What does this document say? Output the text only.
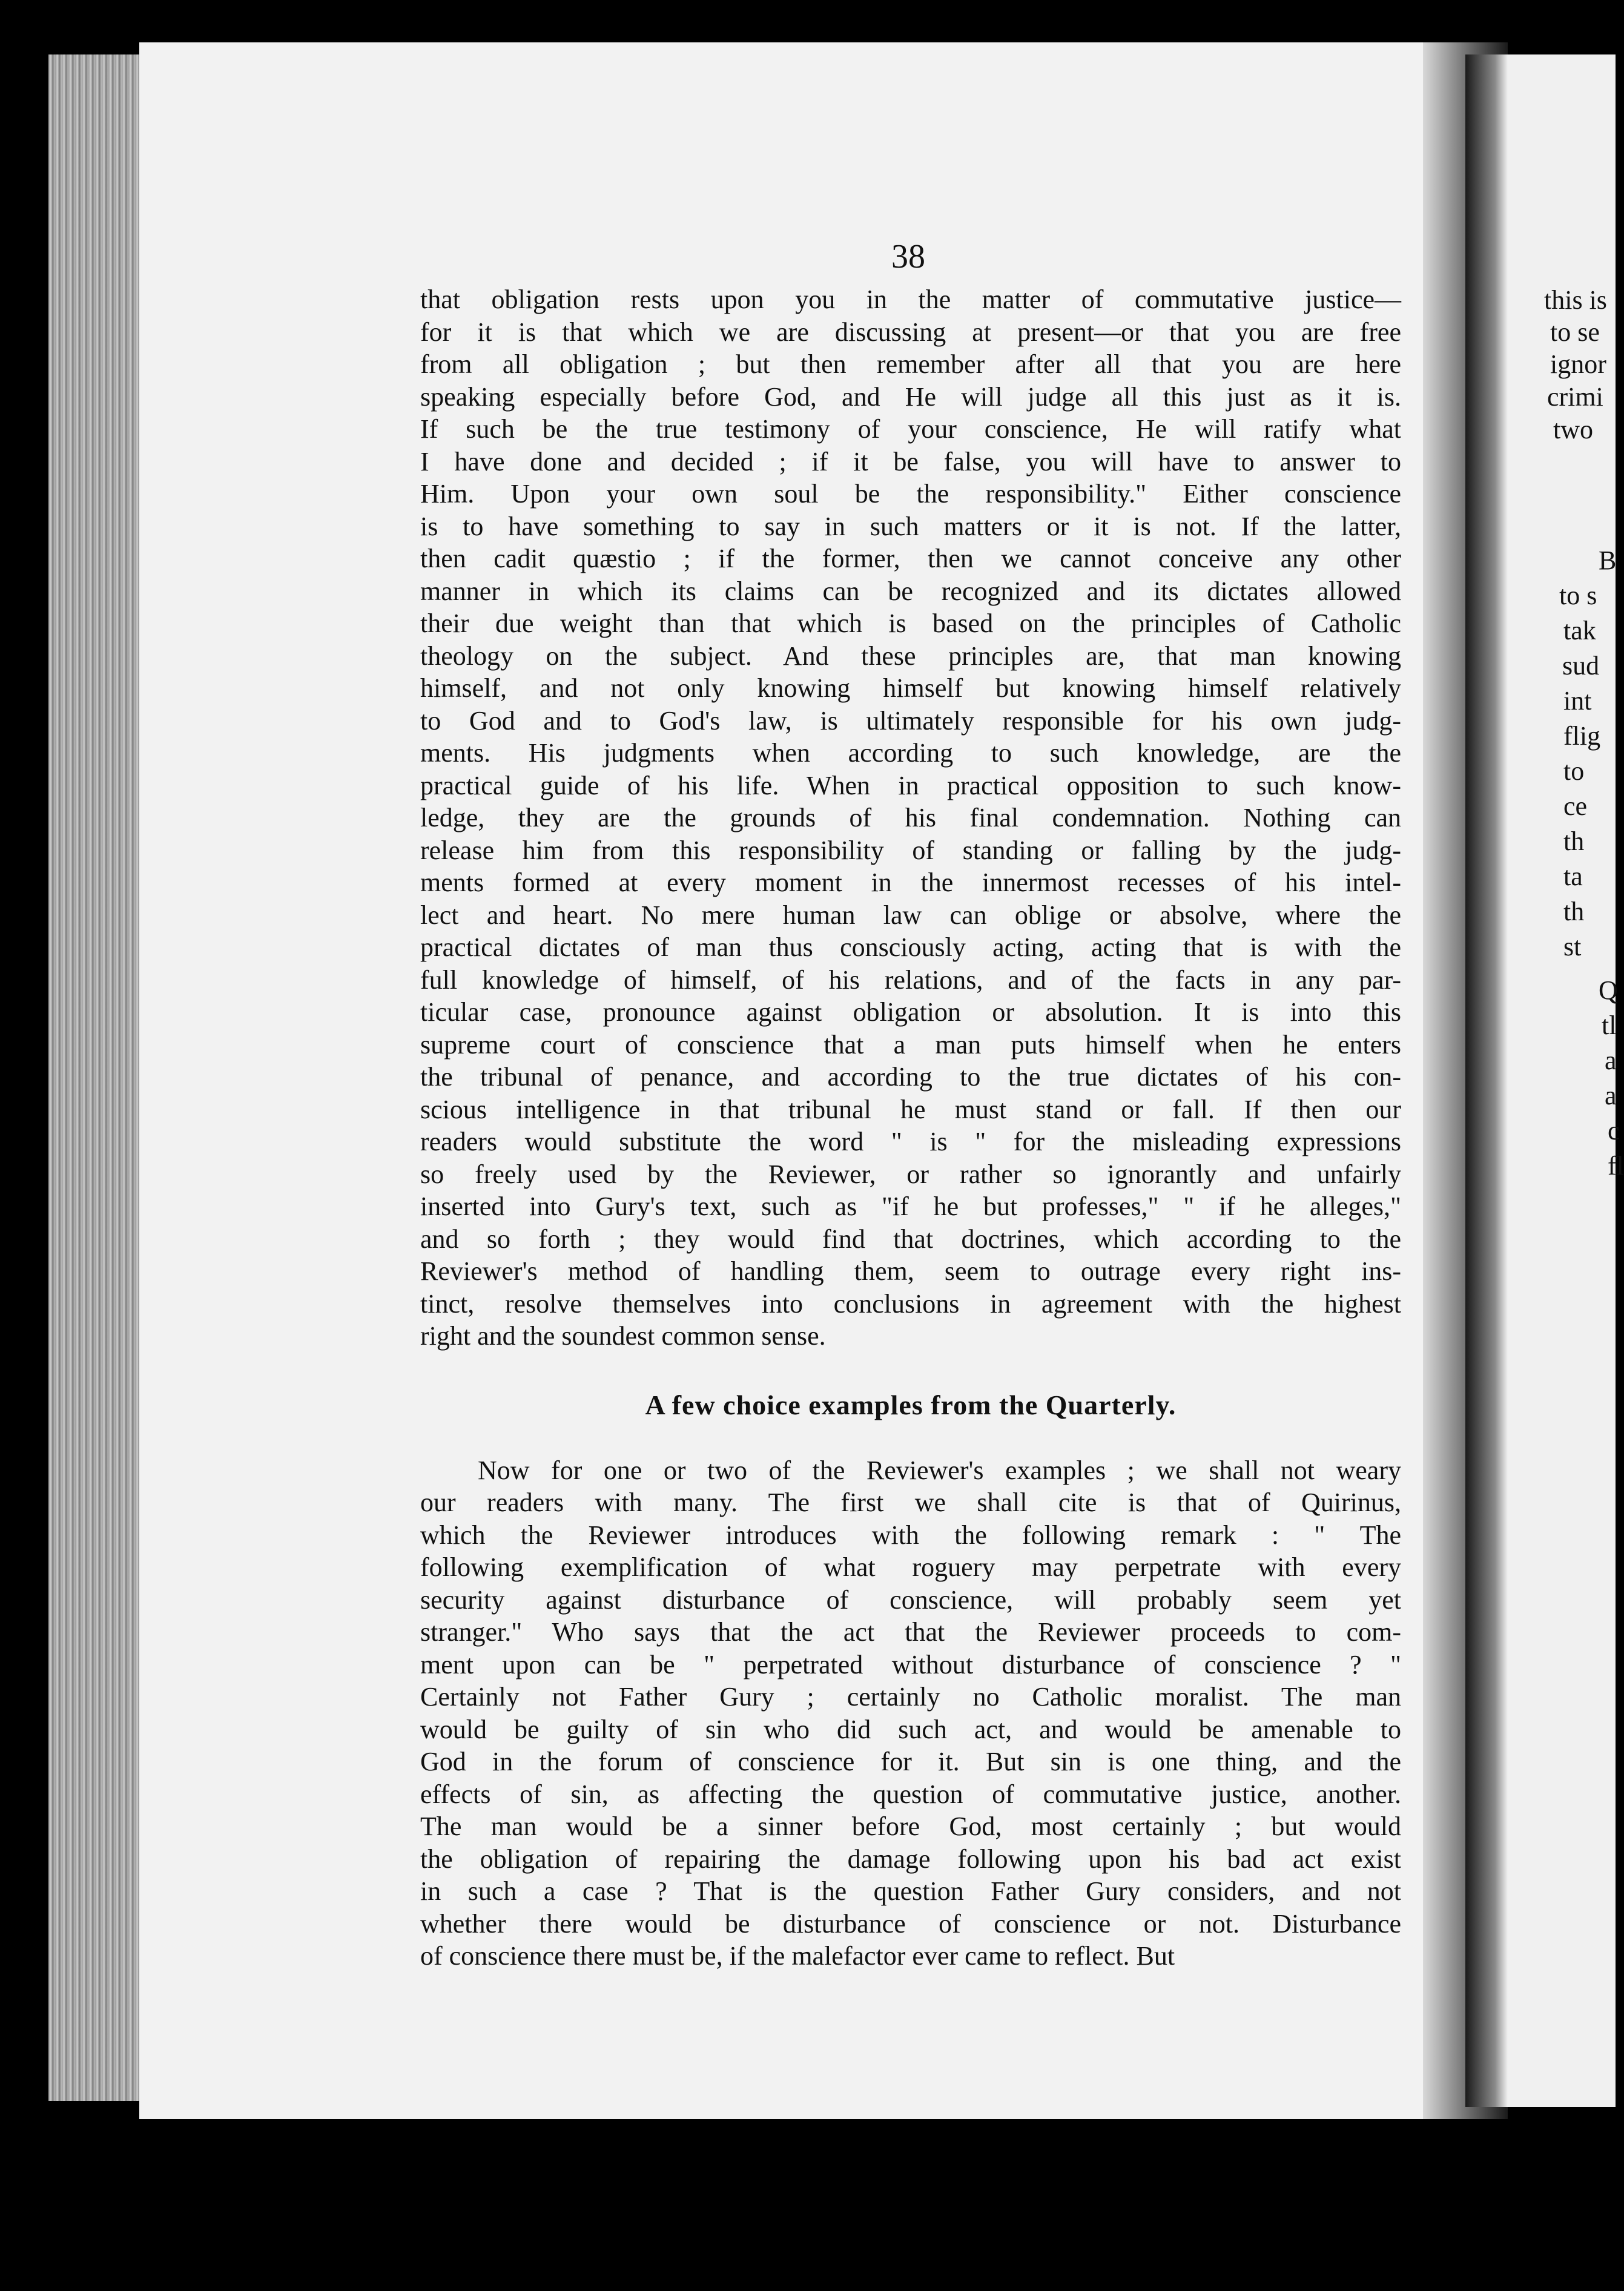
38
that obligation rests upon you in the matter of commutative justice—
for it is that which we are discussing at present—or that you are free
from all obligation ; but then remember after all that you are here
speaking especially before God, and He will judge all this just as it is.
If such be the true testimony of your conscience, He will ratify what
I have done and decided ; if it be false, you will have to answer to
Him. Upon your own soul be the responsibility." Either conscience
is to have something to say in such matters or it is not. If the latter,
then cadit quæstio ; if the former, then we cannot conceive any other
manner in which its claims can be recognized and its dictates allowed
their due weight than that which is based on the principles of Catholic
theology on the subject. And these principles are, that man knowing
himself, and not only knowing himself but knowing himself relatively
to God and to God's law, is ultimately responsible for his own judg-
ments. His judgments when according to such knowledge, are the
practical guide of his life. When in practical opposition to such know-
ledge, they are the grounds of his final condemnation. Nothing can
release him from this responsibility of standing or falling by the judg-
ments formed at every moment in the innermost recesses of his intel-
lect and heart. No mere human law can oblige or absolve, where the
practical dictates of man thus consciously acting, acting that is with the
full knowledge of himself, of his relations, and of the facts in any par-
ticular case, pronounce against obligation or absolution. It is into this
supreme court of conscience that a man puts himself when he enters
the tribunal of penance, and according to the true dictates of his con-
scious intelligence in that tribunal he must stand or fall. If then our
readers would substitute the word " is " for the misleading expressions
so freely used by the Reviewer, or rather so ignorantly and unfairly
inserted into Gury's text, such as "if he but professes," " if he alleges,"
and so forth ; they would find that doctrines, which according to the
Reviewer's method of handling them, seem to outrage every right ins-
tinct, resolve themselves into conclusions in agreement with the highest
right and the soundest common sense.
A few choice examples from the Quarterly.
Now for one or two of the Reviewer's examples ; we shall not weary
our readers with many. The first we shall cite is that of Quirinus,
which the Reviewer introduces with the following remark : " The
following exemplification of what roguery may perpetrate with every
security against disturbance of conscience, will probably seem yet
stranger." Who says that the act that the Reviewer proceeds to com-
ment upon can be " perpetrated without disturbance of conscience ? "
Certainly not Father Gury ; certainly no Catholic moralist. The man
would be guilty of sin who did such act, and would be amenable to
God in the forum of conscience for it. But sin is one thing, and the
effects of sin, as affecting the question of commutative justice, another.
The man would be a sinner before God, most certainly ; but would
the obligation of repairing the damage following upon his bad act exist
in such a case ? That is the question Father Gury considers, and not
whether there would be disturbance of conscience or not. Disturbance
of conscience there must be, if the malefactor ever came to reflect. But
this is
to se
ignor
crimi
two
B
to s
tak
sud
int
flig
to
ce
th
ta
th
st
Q
tl
a
a
c
fl
